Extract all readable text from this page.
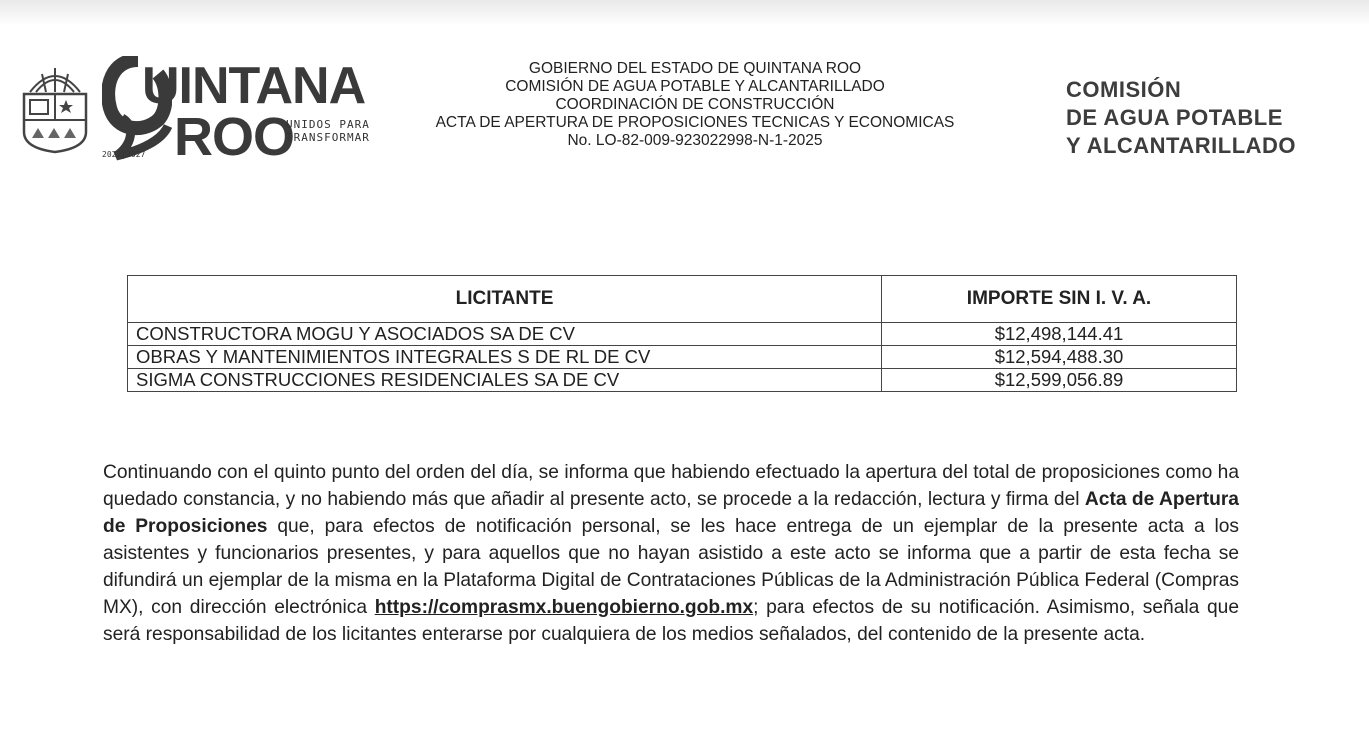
UINTANA
ROO
UNIDOS PARA
TRANSFORMAR
2022|2027
GOBIERNO DEL ESTADO DE QUINTANA ROO
COMISIÓN DE AGUA POTABLE Y ALCANTARILLADO
COORDINACIÓN DE CONSTRUCCIÓN
ACTA DE APERTURA DE PROPOSICIONES TECNICAS Y ECONOMICAS
No. LO-82-009-923022998-N-1-2025
COMISIÓN
DE AGUA POTABLE
Y ALCANTARILLADO
LICITANTE	IMPORTE SIN I. V. A.
CONSTRUCTORA MOGU Y ASOCIADOS SA DE CV	$12,498,144.41
OBRAS Y MANTENIMIENTOS INTEGRALES S DE RL DE CV	$12,594,488.30
SIGMA CONSTRUCCIONES RESIDENCIALES SA DE CV	$12,599,056.89

Continuando con el quinto punto del orden del día, se informa que habiendo efectuado la apertura del total de proposiciones como ha quedado constancia, y no habiendo más que añadir al presente acto, se procede a la redacción, lectura y firma del Acta de Apertura de Proposiciones que, para efectos de notificación personal, se les hace entrega de un ejemplar de la presente acta a los asistentes y funcionarios presentes, y para aquellos que no hayan asistido a este acto se informa que a partir de esta fecha se difundirá un ejemplar de la misma en la Plataforma Digital de Contrataciones Públicas de la Administración Pública Federal (Compras MX), con dirección electrónica https://comprasmx.buengobierno.gob.mx; para efectos de su notificación. Asimismo, señala que será responsabilidad de los licitantes enterarse por cualquiera de los medios señalados, del contenido de la presente acta.
